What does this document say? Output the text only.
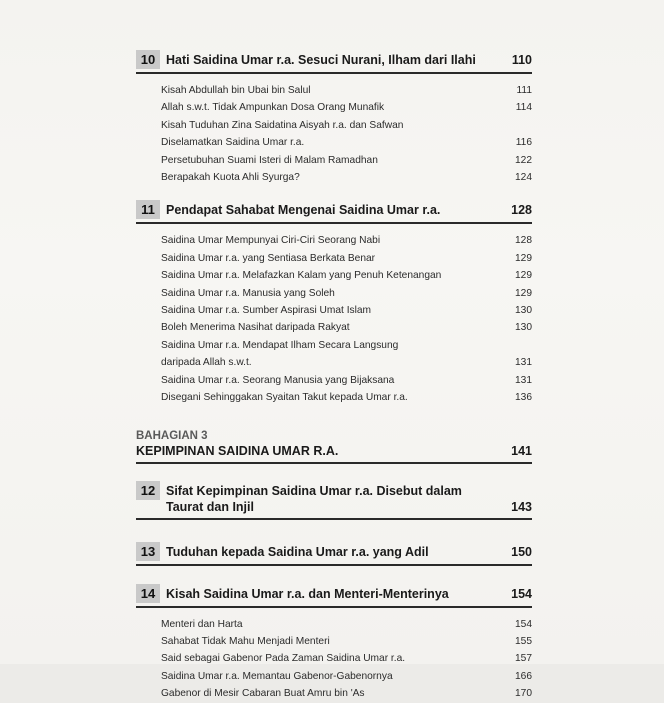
10 Hati Saidina Umar r.a. Sesuci Nurani, Ilham dari Ilahi	110
Kisah Abdullah bin Ubai bin Salul	111
Allah s.w.t. Tidak Ampunkan Dosa Orang Munafik	114
Kisah Tuduhan Zina Saidatina Aisyah r.a. dan Safwan
Diselamatkan Saidina Umar r.a.	116
Persetubuhan Suami Isteri di Malam Ramadhan	122
Berapakah Kuota Ahli Syurga?	124
11 Pendapat Sahabat Mengenai Saidina Umar r.a.	128
Saidina Umar Mempunyai Ciri-Ciri Seorang Nabi	128
Saidina Umar r.a. yang Sentiasa Berkata Benar	129
Saidina Umar r.a. Melafazkan Kalam yang Penuh Ketenangan	129
Saidina Umar r.a. Manusia yang Soleh	129
Saidina Umar r.a. Sumber Aspirasi Umat Islam	130
Boleh Menerima Nasihat daripada Rakyat	130
Saidina Umar r.a. Mendapat Ilham Secara Langsung
daripada Allah s.w.t.	131
Saidina Umar r.a. Seorang Manusia yang Bijaksana	131
Disegani Sehinggakan Syaitan Takut kepada Umar r.a.	136
BAHAGIAN 3
KEPIMPINAN SAIDINA UMAR R.A.	141
12 Sifat Kepimpinan Saidina Umar r.a. Disebut dalam
Taurat dan Injil	143
13 Tuduhan kepada Saidina Umar r.a. yang Adil	150
14 Kisah Saidina Umar r.a. dan Menteri-Menterinya	154
Menteri dan Harta	154
Sahabat Tidak Mahu Menjadi Menteri	155
Said sebagai Gabenor Pada Zaman Saidina Umar r.a.	157
Saidina Umar r.a. Memantau Gabenor-Gabenornya	166
Gabenor di Mesir Cabaran Buat Amru bin 'As	170
